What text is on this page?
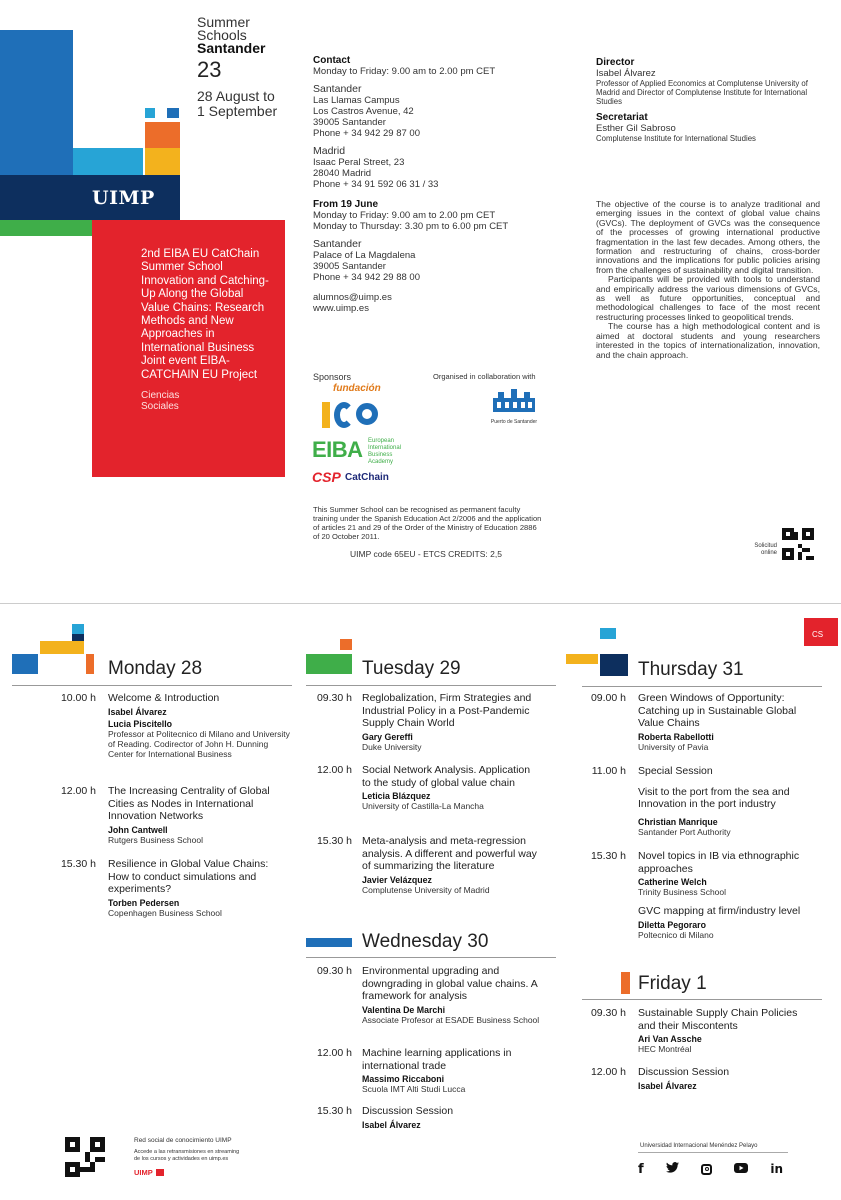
UIMP
Summer
Schools
Santander
23
28 August to
1 September
2nd EIBA EU CatChain Summer School Innovation and Catching-Up Along the Global Value Chains: Research Methods and New Approaches in International Business Joint event EIBA-CATCHAIN EU Project
Ciencias Sociales
Contact
Monday to Friday: 9.00 am to 2.00 pm CET
Santander
Las Llamas Campus
Los Castros Avenue, 42
39005 Santander
Phone + 34 942 29 87 00
Madrid
Isaac Peral Street, 23
28040 Madrid
Phone + 34 91 592 06 31 / 33
From 19 June
Monday to Friday: 9.00 am to 2.00 pm CET
Monday to Thursday: 3.30 pm to 6.00 pm CET
Santander
Palace of La Magdalena
39005 Santander
Phone + 34 942 29 88 00
alumnos@uimp.es
www.uimp.es
Sponsors	Organised in collaboration with
fundación
EIBA European International Business Academy
CSP CatChain
Puerto de Santander
This Summer School can be recognised as permanent faculty training under the Spanish Education Act 2/2006 and the application of articles 21 and 29 of the Order of the Ministry of Education 2886 of 20 October 2011.
UIMP code 65EU - ETCS CREDITS: 2,5
Director
Isabel Álvarez
Professor of Applied Economics at Complutense University of Madrid and Director of Complutense Institute for International Studies
Secretariat
Esther Gil Sabroso
Complutense Institute for International Studies
The objective of the course is to analyze traditional and emerging issues in the context of global value chains (GVCs). The deployment of GVCs was the consequence of the processes of growing international productive fragmentation in the last few decades. Among others, the formation and restructuring of chains, cross-border innovations and the implications for public policies arising from the challenges of sustainability and digital transition.
Participants will be provided with tools to understand and empirically address the various dimensions of GVCs, as well as future opportunities, conceptual and methodological challenges to face of the most recent restructuring processes linked to geopolitical trends.
The course has a high methodological content and is aimed at doctoral students and young researchers interested in the topics of internationalization, innovation, and the chain approach.
Solicitud online
CS
Monday 28	Tuesday 29	Thursday 31
10.00 h Welcome & Introduction
Isabel Álvarez
Lucia Piscitello
Professor at Politecnico di Milano and University of Reading. Codirector of John H. Dunning Center for International Business
12.00 h The Increasing Centrality of Global Cities as Nodes in International Innovation Networks
John Cantwell
Rutgers Business School
15.30 h Resilience in Global Value Chains: How to conduct simulations and experiments?
Torben Pedersen
Copenhagen Business School
09.30 h Reglobalization, Firm Strategies and Industrial Policy in a Post-Pandemic Supply Chain World
Gary Gereffi
Duke University
12.00 h Social Network Analysis. Application to the study of global value chain
Leticia Blázquez
University of Castilla-La Mancha
15.30 h Meta-analysis and meta-regression analysis. A different and powerful way of summarizing the literature
Javier Velázquez
Complutense University of Madrid
Wednesday 30
09.30 h Environmental upgrading and downgrading in global value chains. A framework for analysis
Valentina De Marchi
Associate Profesor at ESADE Business School
12.00 h Machine learning applications in international trade
Massimo Riccaboni
Scuola IMT Alti Studi Lucca
15.30 h Discussion Session
Isabel Álvarez
09.00 h Green Windows of Opportunity: Catching up in Sustainable Global Value Chains
Roberta Rabellotti
University of Pavia
11.00 h Special Session
Visit to the port from the sea and Innovation in the port industry
Christian Manrique
Santander Port Authority
15.30 h Novel topics in IB via ethnographic approaches
Catherine Welch
Trinity Business School
GVC mapping at firm/industry level
Diletta Pegoraro
Poltecnico di Milano
Friday 1
09.30 h Sustainable Supply Chain Policies and their Miscontents
Ari Van Assche
HEC Montréal
12.00 h Discussion Session
Isabel Álvarez
Red social de conocimiento UIMP
Accede a las retransmisiones en streaming de los cursos y actividades en uimp.es
UIMP
Universidad Internacional Menéndez Pelayo
f	in
